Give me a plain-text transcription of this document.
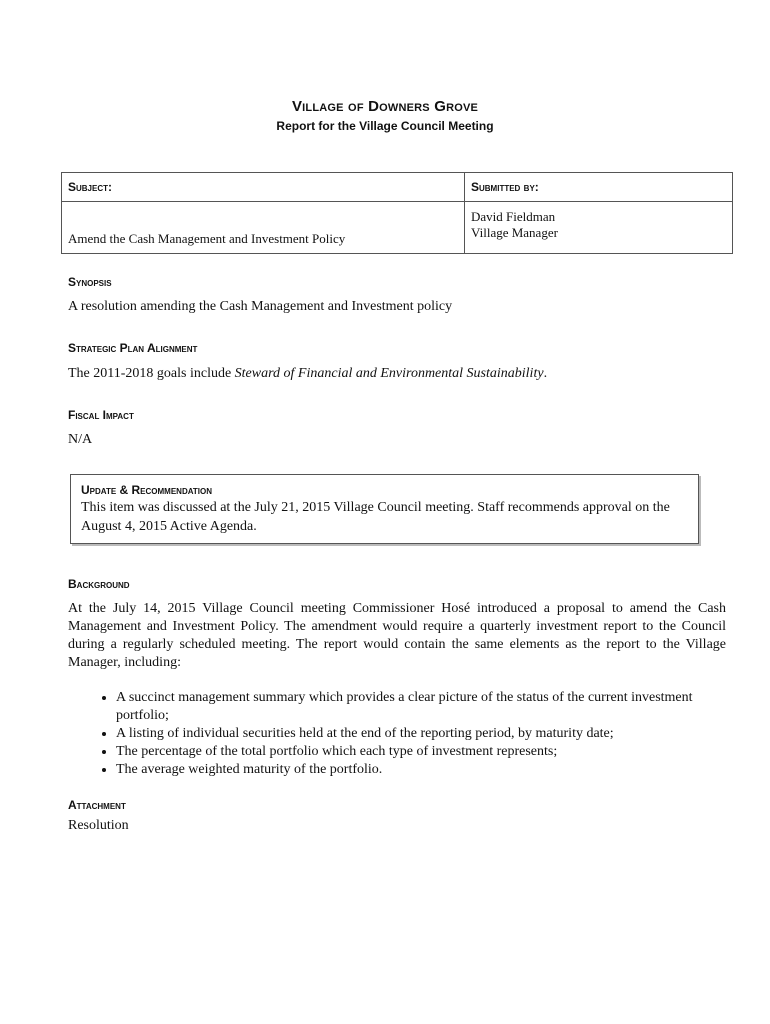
Village of Downers Grove
Report for the Village Council Meeting
Subject:	Submitted by:

Amend the Cash Management and Investment Policy	David Fieldman
Village Manager
Synopsis
A resolution amending the Cash Management and Investment policy
Strategic Plan Alignment
The 2011-2018 goals include Steward of Financial and Environmental Sustainability.
Fiscal Impact
N/A
Update & Recommendation
This item was discussed at the July 21, 2015 Village Council meeting. Staff recommends approval on the August 4, 2015 Active Agenda.
Background
At the July 14, 2015 Village Council meeting Commissioner Hosé introduced a proposal to amend the Cash Management and Investment Policy. The amendment would require a quarterly investment report to the Council during a regularly scheduled meeting. The report would contain the same elements as the report to the Village Manager, including:
• A succinct management summary which provides a clear picture of the status of the current investment portfolio;
• A listing of individual securities held at the end of the reporting period, by maturity date;
• The percentage of the total portfolio which each type of investment represents;
• The average weighted maturity of the portfolio.
Attachment
Resolution
